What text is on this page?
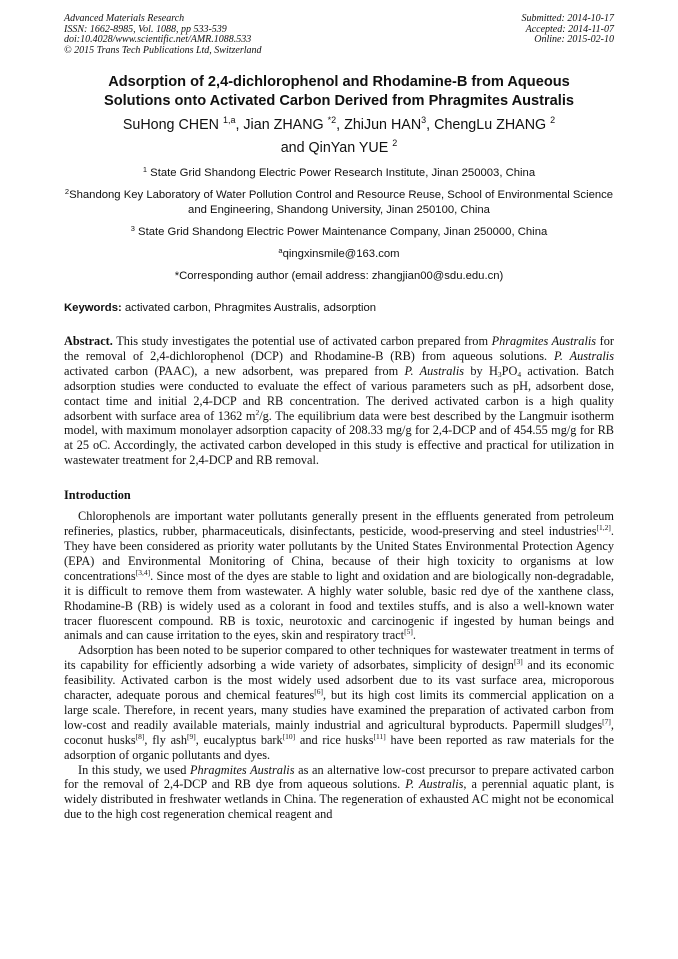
Advanced Materials Research
ISSN: 1662-8985, Vol. 1088, pp 533-539
doi:10.4028/www.scientific.net/AMR.1088.533
© 2015 Trans Tech Publications Ltd, Switzerland
Submitted: 2014-10-17
Accepted: 2014-11-07
Online: 2015-02-10
Adsorption of 2,4-dichlorophenol and Rhodamine-B from Aqueous
Solutions onto Activated Carbon Derived from Phragmites Australis
SuHong CHEN $^{1,a}$, Jian ZHANG $^{*2}$, ZhiJun HAN$^3$, ChengLu ZHANG $^2$
and QinYan YUE $^2$

$^1$ State Grid Shandong Electric Power Research Institute, Jinan 250003, China

$^2$Shandong Key Laboratory of Water Pollution Control and Resource Reuse, School of Environmental Science and Engineering, Shandong University, Jinan 250100, China

$^3$ State Grid Shandong Electric Power Maintenance Company, Jinan 250000, China

$^a$qingxinsmile@163.com

*Corresponding author (email address: zhangjian00@sdu.edu.cn)

Keywords: activated carbon, Phragmites Australis, adsorption
Abstract. This study investigates the potential use of activated carbon prepared from Phragmites Australis for the removal of 2,4-dichlorophenol (DCP) and Rhodamine-B (RB) from aqueous solutions. P. Australis activated carbon (PAAC), a new adsorbent, was prepared from P. Australis by $H_3PO_4$ activation. Batch adsorption studies were conducted to evaluate the effect of various parameters such as pH, adsorbent dose, contact time and initial 2,4-DCP and RB concentration. The derived activated carbon is a high quality adsorbent with surface area of 1362 $m^2/g$. The equilibrium data were best described by the Langmuir isotherm model, with maximum monolayer adsorption capacity of 208.33 mg/g for 2,4-DCP and of 454.55 mg/g for RB at 25 oC. Accordingly, the activated carbon developed in this study is effective and practical for utilization in wastewater treatment for 2,4-DCP and RB removal.
Introduction

Chlorophenols are important water pollutants generally present in the effluents generated from petroleum refineries, plastics, rubber, pharmaceuticals, disinfectants, pesticide, wood-preserving and steel industries[1,2]. They have been considered as priority water pollutants by the United States Environmental Protection Agency (EPA) and Environmental Monitoring of China, because of their high toxicity to organisms at low concentrations[3,4]. Since most of the dyes are stable to light and oxidation and are biologically non-degradable, it is difficult to remove them from wastewater. A highly water soluble, basic red dye of the xanthene class, Rhodamine-B (RB) is widely used as a colorant in food and textiles stuffs, and is also a well-known water tracer fluorescent compound. RB is toxic, neurotoxic and carcinogenic if ingested by human beings and animals and can cause irritation to the eyes, skin and respiratory tract[5].

Adsorption has been noted to be superior compared to other techniques for wastewater treatment in terms of its capability for efficiently adsorbing a wide variety of adsorbates, simplicity of design[3] and its economic feasibility. Activated carbon is the most widely used adsorbent due to its vast surface area, microporous character, adequate porous and chemical features[6], but its high cost limits its commercial application on a large scale. Therefore, in recent years, many studies have examined the preparation of activated carbon from low-cost and readily available materials, mainly industrial and agricultural byproducts. Papermill sludges[7], coconut husks[8], fly ash[9], eucalyptus bark[10] and rice husks[11] have been reported as raw materials for the adsorption of organic pollutants and dyes.

In this study, we used Phragmites Australis as an alternative low-cost precursor to prepare activated carbon for the removal of 2,4-DCP and RB dye from aqueous solutions. P. Australis, a perennial aquatic plant, is widely distributed in freshwater wetlands in China. The regeneration of exhausted AC might not be economical due to the high cost regeneration chemical reagent and
